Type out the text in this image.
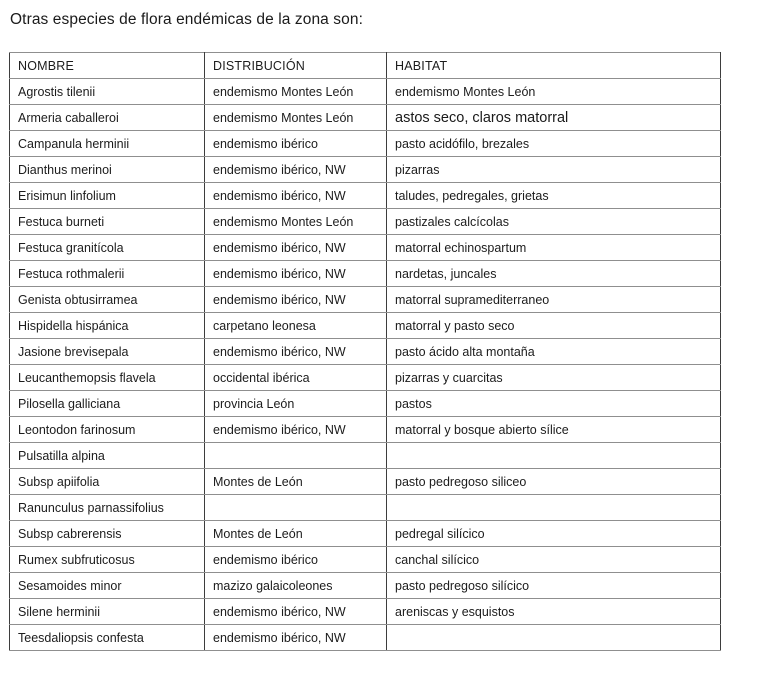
Otras especies de flora endémicas de la zona son:
NOMBRE	DISTRIBUCIÓN	HABITAT
Agrostis tilenii	endemismo Montes León	endemismo Montes León
Armeria caballeroi	endemismo Montes León	astos seco, claros matorral
Campanula herminii	endemismo ibérico	pasto acidófilo, brezales
Dianthus merinoi	endemismo ibérico, NW	pizarras
Erisimun linfolium	endemismo ibérico, NW	taludes, pedregales, grietas
Festuca burneti	endemismo Montes León	pastizales calcícolas
Festuca granitícola	endemismo ibérico, NW	matorral echinospartum
Festuca rothmalerii	endemismo ibérico, NW	nardetas, juncales
Genista obtusirramea	endemismo ibérico, NW	matorral supramediterraneo
Hispidella hispánica	carpetano leonesa	matorral y pasto seco
Jasione brevisepala	endemismo ibérico, NW	pasto ácido alta montaña
Leucanthemopsis flavela	occidental ibérica	pizarras y cuarcitas
Pilosella galliciana	provincia León	pastos
Leontodon farinosum	endemismo ibérico, NW	matorral y bosque abierto sílice
Pulsatilla alpina		
Subsp apiifolia	Montes de León	pasto pedregoso siliceo
Ranunculus parnassifolius		
Subsp cabrerensis	Montes de León	pedregal silícico
Rumex subfruticosus	endemismo ibérico	canchal silícico
Sesamoides minor	mazizo galaicoleones	pasto pedregoso silícico
Silene herminii	endemismo ibérico, NW	areniscas y esquistos
Teesdaliopsis confesta	endemismo ibérico, NW	
